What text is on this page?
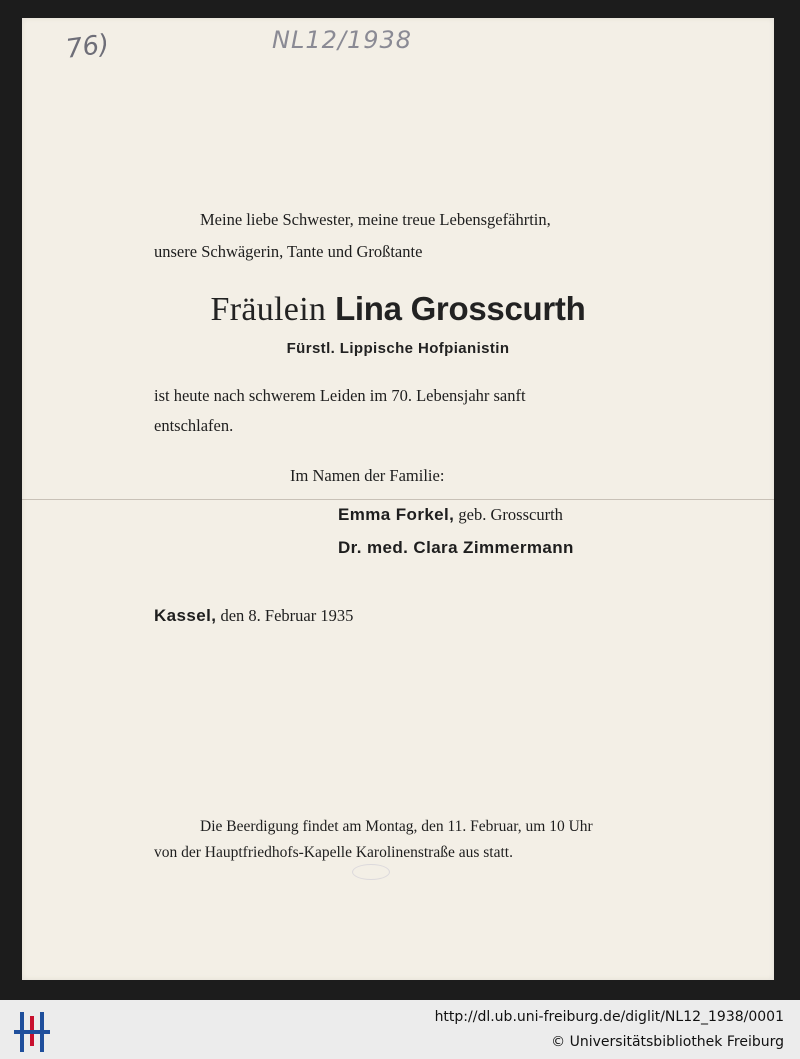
76)	NL12/1938
Meine liebe Schwester, meine treue Lebensgefährtin,
unsere Schwägerin, Tante und Großtante
Fräulein Lina Grosscurth
Fürstl. Lippische Hofpianistin
ist heute nach schwerem Leiden im 70. Lebensjahr sanft
entschlafen.
Im Namen der Familie:
Emma Forkel, geb. Grosscurth
Dr. med. Clara Zimmermann
Kassel, den 8. Februar 1935
Die Beerdigung findet am Montag, den 11. Februar, um 10 Uhr
von der Hauptfriedhofs-Kapelle Karolinenstraße aus statt.
http://dl.ub.uni-freiburg.de/diglit/NL12_1938/0001
© Universitätsbibliothek Freiburg
